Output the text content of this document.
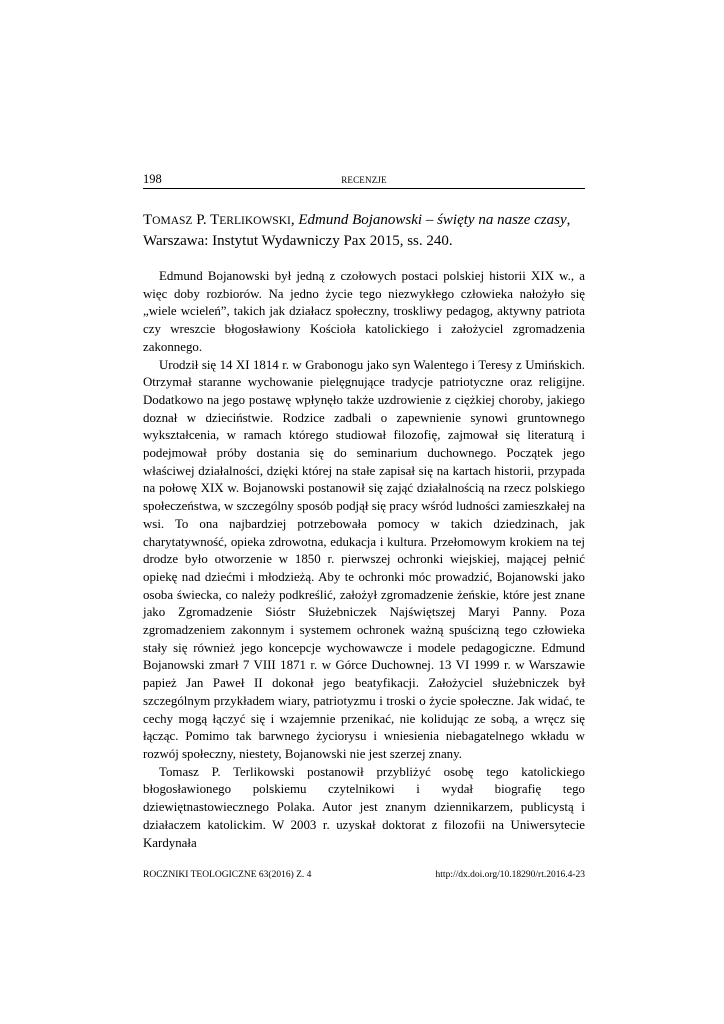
198	RECENZJE
TOMASZ P. TERLIKOWSKI, Edmund Bojanowski – święty na nasze czasy, Warszawa: Instytut Wydawniczy Pax 2015, ss. 240.

Edmund Bojanowski był jedną z czołowych postaci polskiej historii XIX w., a więc doby rozbiorów. Na jedno życie tego niezwykłego człowieka nałożyło się „wiele wcieleń”, takich jak działacz społeczny, troskliwy pedagog, aktywny patriota czy wreszcie błogosławiony Kościoła katolickiego i założyciel zgromadzenia zakonnego.

Urodził się 14 XI 1814 r. w Grabonogu jako syn Walentego i Teresy z Umińskich. Otrzymał staranne wychowanie pielęgnujące tradycje patriotyczne oraz religijne. Dodatkowo na jego postawę wpłynęło także uzdrowienie z ciężkiej choroby, jakiego doznał w dzieciństwie. Rodzice zadbali o zapewnienie synowi gruntownego wykształcenia, w ramach którego studiował filozofię, zajmował się literaturą i podejmował próby dostania się do seminarium duchownego. Początek jego właściwej działalności, dzięki której na stałe zapisał się na kartach historii, przypada na połowę XIX w. Bojanowski postanowił się zająć działalnością na rzecz polskiego społeczeństwa, w szczególny sposób podjął się pracy wśród ludności zamieszkałej na wsi. To ona najbardziej potrzebowała pomocy w takich dziedzinach, jak charytatywność, opieka zdrowotna, edukacja i kultura. Przełomowym krokiem na tej drodze było otworzenie w 1850 r. pierwszej ochronki wiejskiej, mającej pełnić opiekę nad dziećmi i młodzieżą. Aby te ochronki móc prowadzić, Bojanowski jako osoba świecka, co należy podkreślić, założył zgromadzenie żeńskie, które jest znane jako Zgromadzenie Sióstr Służebniczek Najświętszej Maryi Panny. Poza zgromadzeniem zakonnym i systemem ochronek ważną spuścizną tego człowieka stały się również jego koncepcje wychowawcze i modele pedagogiczne. Edmund Bojanowski zmarł 7 VIII 1871 r. w Górce Duchownej. 13 VI 1999 r. w Warszawie papież Jan Paweł II dokonał jego beatyfikacji. Założyciel służebniczek był szczególnym przykładem wiary, patriotyzmu i troski o życie społeczne. Jak widać, te cechy mogą łączyć się i wzajemnie przenikać, nie kolidując ze sobą, a wręcz się łącząc. Pomimo tak barwnego życiorysu i wniesienia niebagatelnego wkładu w rozwój społeczny, niestety, Bojanowski nie jest szerzej znany.

Tomasz P. Terlikowski postanowił przybliżyć osobę tego katolickiego błogosławionego polskiemu czytelnikowi i wydał biografię tego dziewiętnastowiecznego Polaka. Autor jest znanym dziennikarzem, publicystą i działaczem katolickim. W 2003 r. uzyskał doktorat z filozofii na Uniwersytecie Kardynała

ROCZNIKI TEOLOGICZNE 63(2016) Z. 4	http://dx.doi.org/10.18290/rt.2016.4-23
